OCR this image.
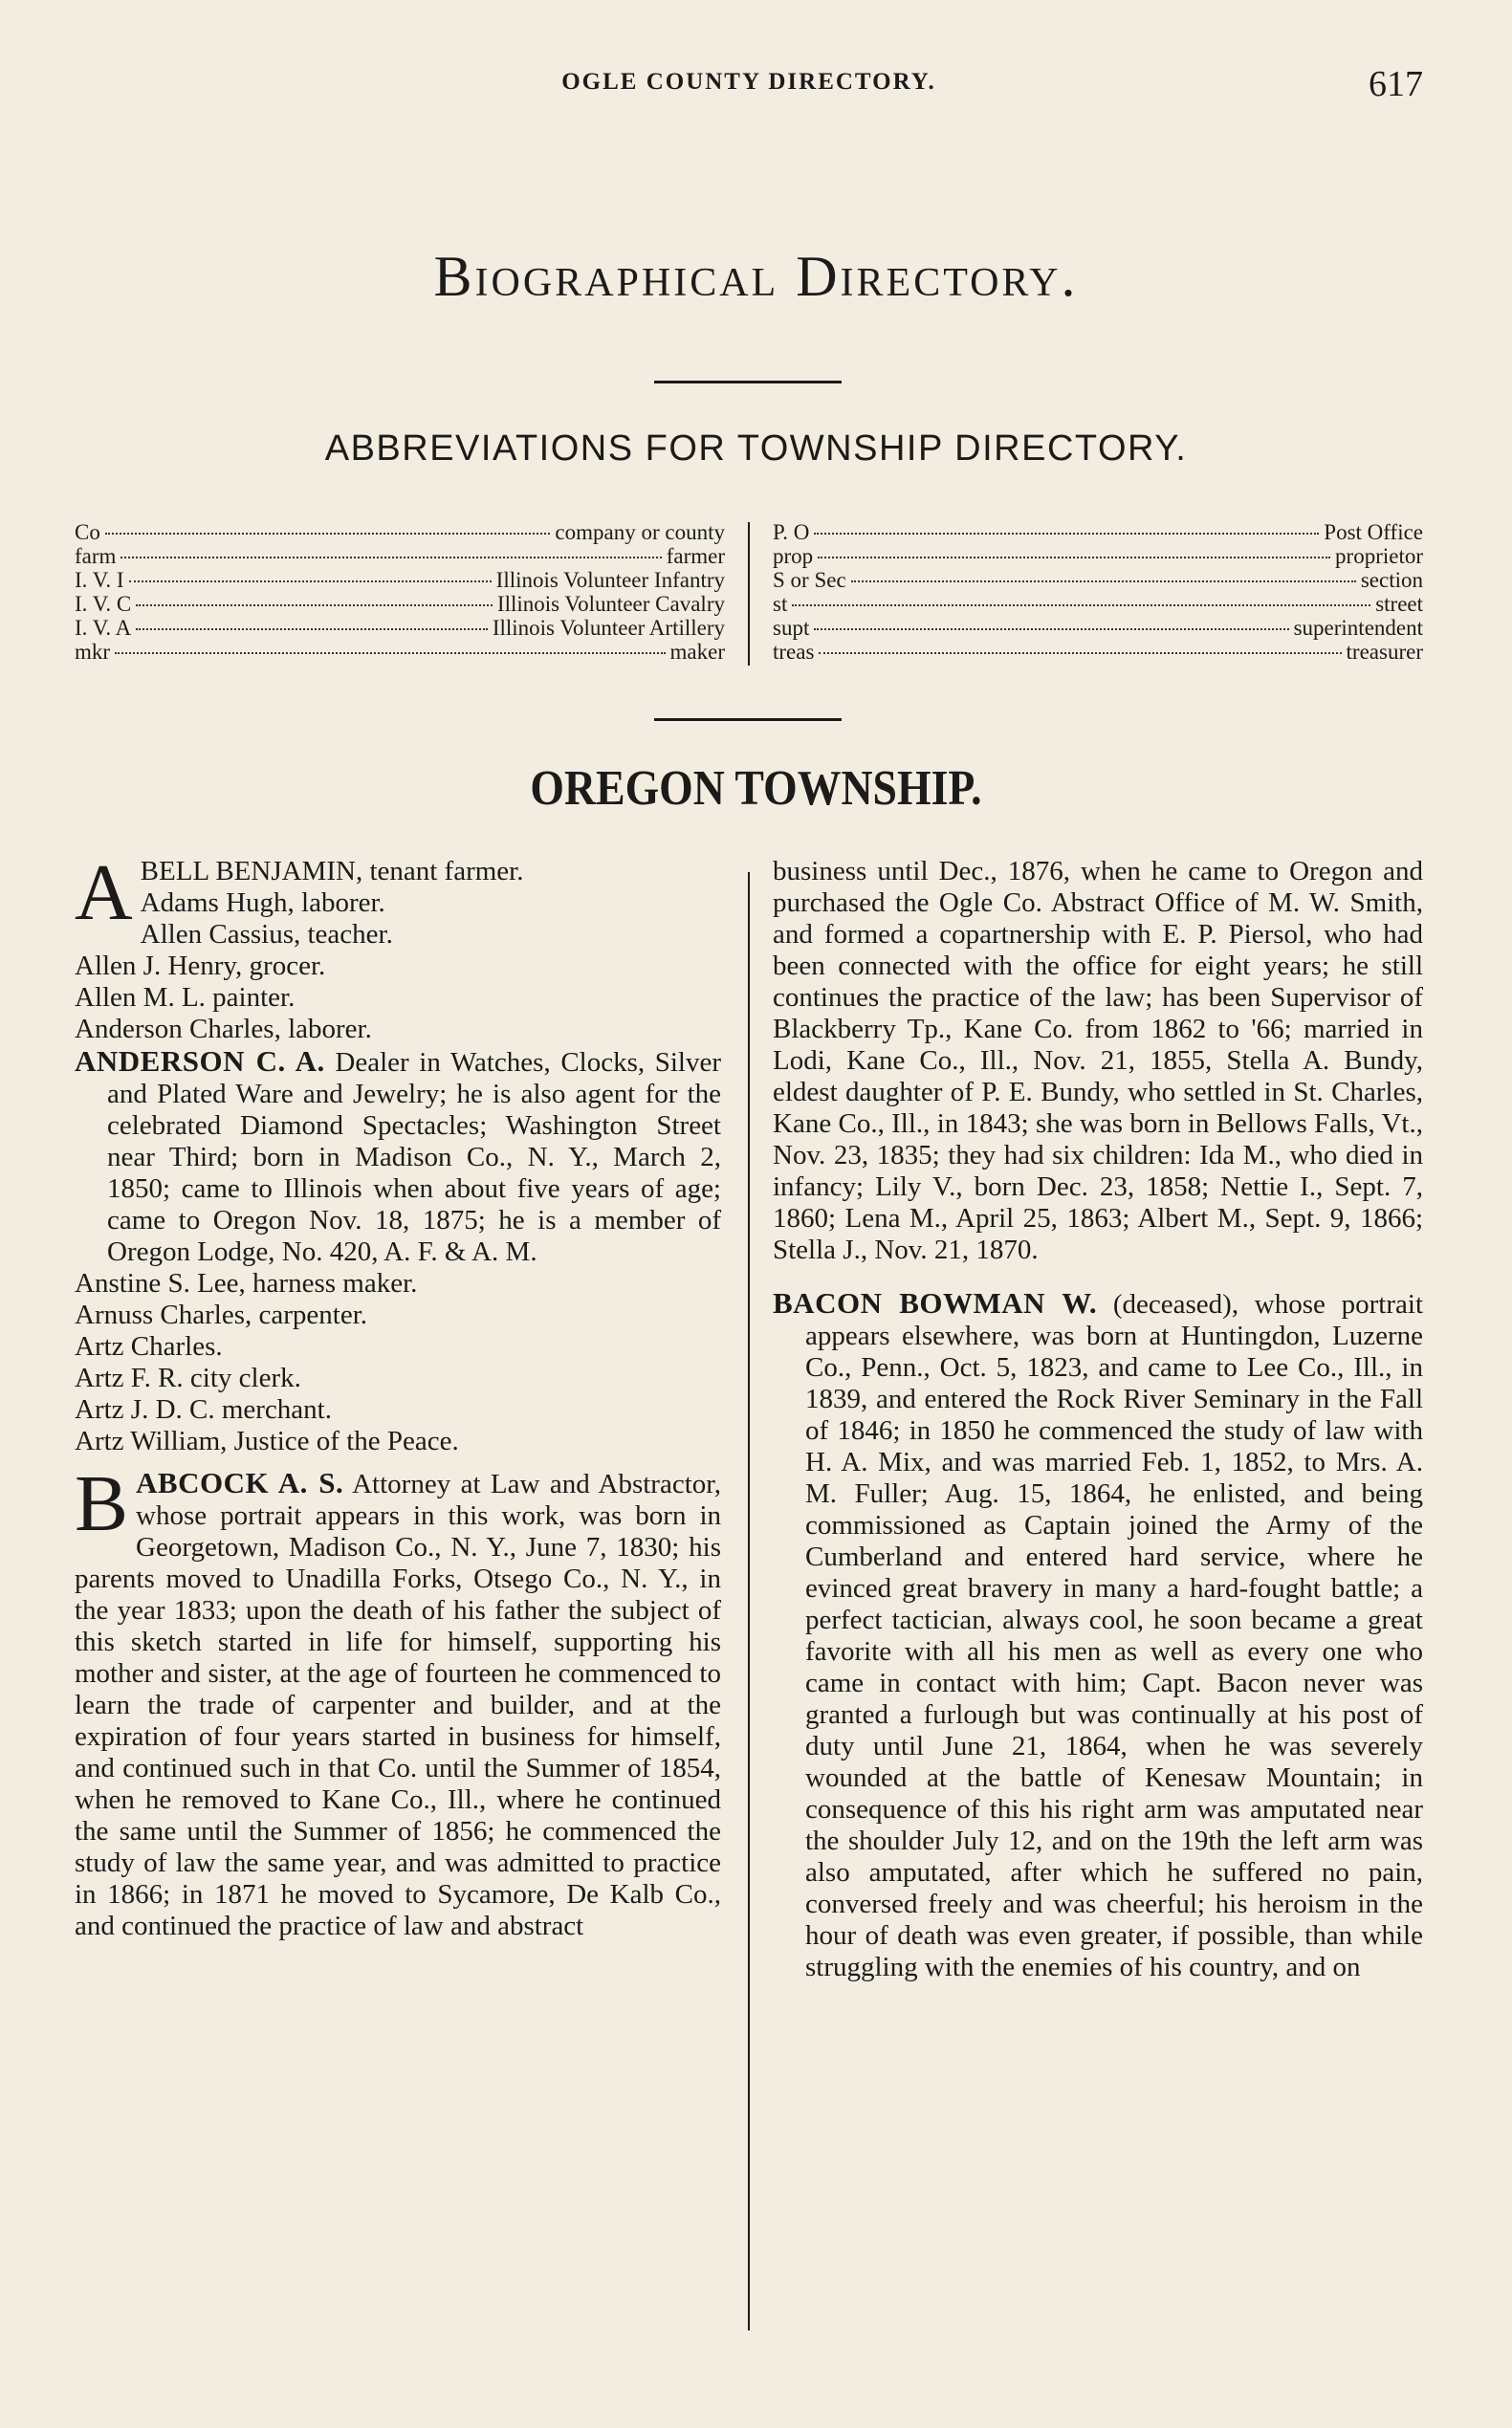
OGLE COUNTY DIRECTORY.	617
Biographical Directory.
ABBREVIATIONS FOR TOWNSHIP DIRECTORY.
Co	company or county
farm	farmer
I. V. I	Illinois Volunteer Infantry
I. V. C	Illinois Volunteer Cavalry
I. V. A	Illinois Volunteer Artillery
mkr	maker
P. O	Post Office
prop	proprietor
S or Sec	section
st	street
supt	superintendent
treas	treasurer
OREGON TOWNSHIP.

ABELL BENJAMIN, tenant farmer.

Adams Hugh, laborer.

Allen Cassius, teacher.

Allen J. Henry, grocer.

Allen M. L. painter.

Anderson Charles, laborer.

ANDERSON C. A. Dealer in Watches, Clocks, Silver and Plated Ware and Jewelry; he is also agent for the celebrated Diamond Spectacles; Washington Street near Third; born in Madison Co., N. Y., March 2, 1850; came to Illinois when about five years of age; came to Oregon Nov. 18, 1875; he is a member of Oregon Lodge, No. 420, A. F. & A. M.

Anstine S. Lee, harness maker.

Arnuss Charles, carpenter.

Artz Charles.

Artz F. R. city clerk.

Artz J. D. C. merchant.

Artz William, Justice of the Peace.

BABCOCK A. S. Attorney at Law and Abstractor, whose portrait appears in this work, was born in Georgetown, Madison Co., N. Y., June 7, 1830; his parents moved to Unadilla Forks, Otsego Co., N. Y., in the year 1833; upon the death of his father the subject of this sketch started in life for himself, supporting his mother and sister, at the age of fourteen he commenced to learn the trade of carpenter and builder, and at the expiration of four years started in business for himself, and continued such in that Co. until the Summer of 1854, when he removed to Kane Co., Ill., where he continued the same until the Summer of 1856; he commenced the study of law the same year, and was admitted to practice in 1866; in 1871 he moved to Sycamore, De Kalb Co., and continued the practice of law and abstract

business until Dec., 1876, when he came to Oregon and purchased the Ogle Co. Abstract Office of M. W. Smith, and formed a copartnership with E. P. Piersol, who had been connected with the office for eight years; he still continues the practice of the law; has been Supervisor of Blackberry Tp., Kane Co. from 1862 to '66; married in Lodi, Kane Co., Ill., Nov. 21, 1855, Stella A. Bundy, eldest daughter of P. E. Bundy, who settled in St. Charles, Kane Co., Ill., in 1843; she was born in Bellows Falls, Vt., Nov. 23, 1835; they had six children: Ida M., who died in infancy; Lily V., born Dec. 23, 1858; Nettie I., Sept. 7, 1860; Lena M., April 25, 1863; Albert M., Sept. 9, 1866; Stella J., Nov. 21, 1870.

BACON BOWMAN W. (deceased), whose portrait appears elsewhere, was born at Huntingdon, Luzerne Co., Penn., Oct. 5, 1823, and came to Lee Co., Ill., in 1839, and entered the Rock River Seminary in the Fall of 1846; in 1850 he commenced the study of law with H. A. Mix, and was married Feb. 1, 1852, to Mrs. A. M. Fuller; Aug. 15, 1864, he enlisted, and being commissioned as Captain joined the Army of the Cumberland and entered hard service, where he evinced great bravery in many a hard-fought battle; a perfect tactician, always cool, he soon became a great favorite with all his men as well as every one who came in contact with him; Capt. Bacon never was granted a furlough but was continually at his post of duty until June 21, 1864, when he was severely wounded at the battle of Kenesaw Mountain; in consequence of this his right arm was amputated near the shoulder July 12, and on the 19th the left arm was also amputated, after which he suffered no pain, conversed freely and was cheerful; his heroism in the hour of death was even greater, if possible, than while struggling with the enemies of his country, and on
